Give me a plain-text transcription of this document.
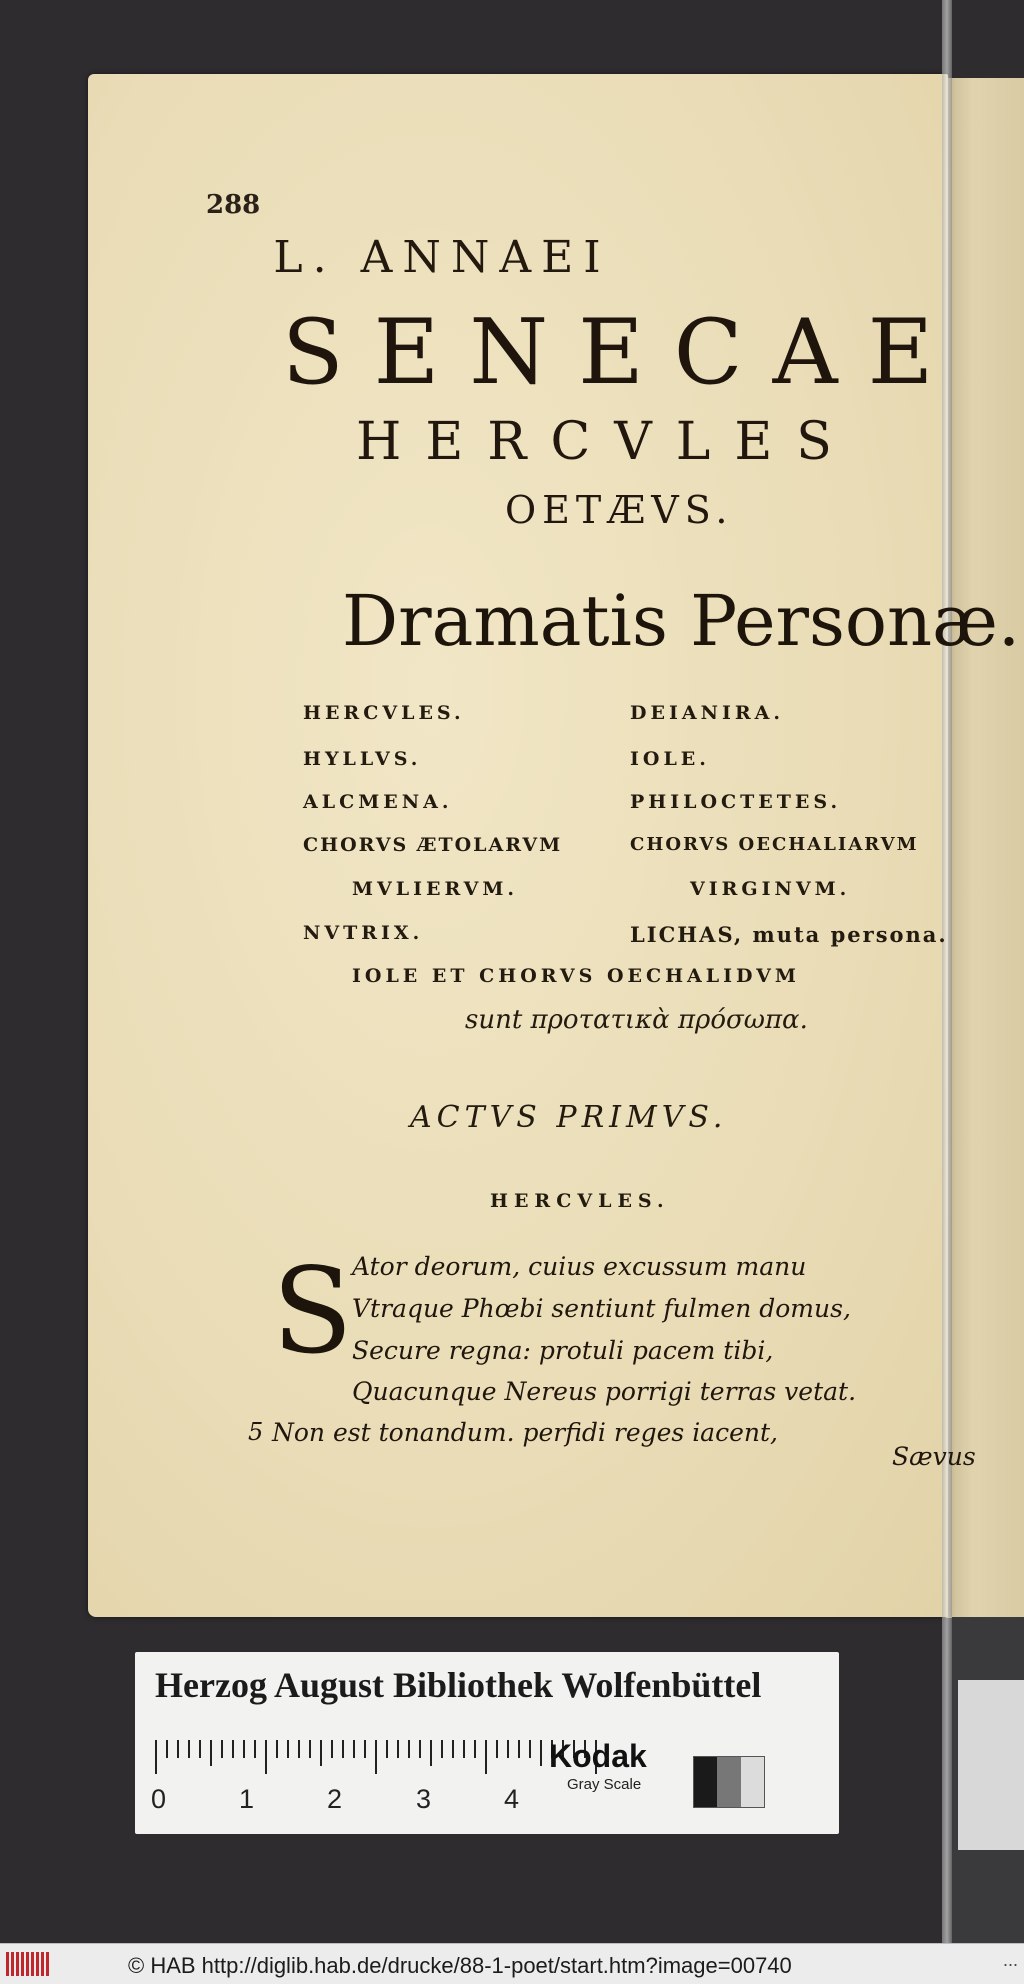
288
L. ANNAEI
SENECAE
HERCVLES
OETÆVS.
Dramatis Personæ.
HERCVLES.	DEIANIRA.
HYLLVS.	IOLE.
ALCMENA.	PHILOCTETES.
CHORVS ÆTOLARVM	CHORVS OECHALIARVM
MVLIERVM.	VIRGINVM.
NVTRIX.	LICHAS, muta persona.
IOLE ET CHORVS OECHALIDVM
sunt προτατικὰ πρόσωπα.
ACTVS PRIMVS.
HERCVLES.
S Ator deorum, cuius excussum manu
Vtraque Phœbi sentiunt fulmen domus,
Secure regna: protuli pacem tibi,
Quacunque Nereus porrigi terras vetat.
5 Non est tonandum. perfidi reges iacent,
Sævus
Herzog August Bibliothek Wolfenbüttel
0	1	2	3	4
Kodak
Gray Scale
© HAB http://diglib.hab.de/drucke/88-1-poet/start.htm?image=00740	...
